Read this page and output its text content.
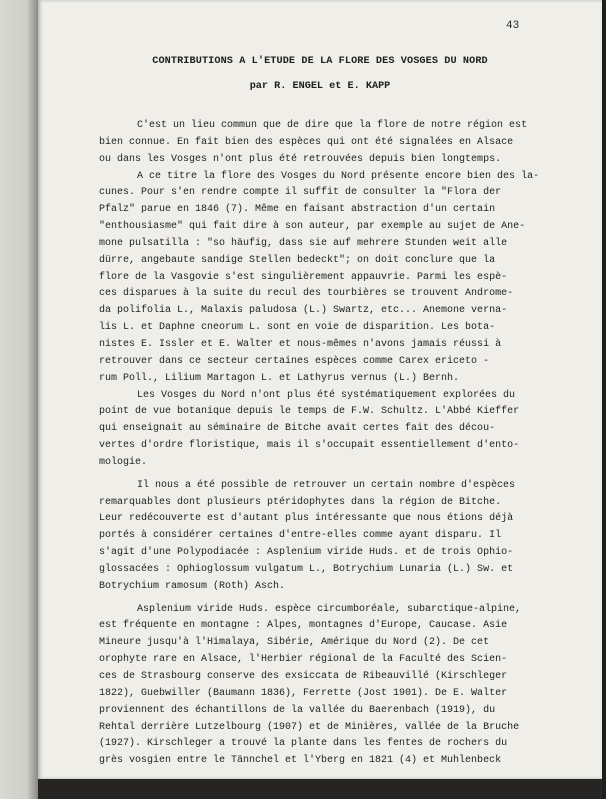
43
CONTRIBUTIONS A L'ETUDE DE LA FLORE DES VOSGES DU NORD
par R. ENGEL et E. KAPP
C'est un lieu commun que de dire que la flore de notre région est
bien connue. En fait bien des espèces qui ont été signalées en Alsace
ou dans les Vosges n'ont plus été retrouvées depuis bien longtemps.
A ce titre la flore des Vosges du Nord présente encore bien des la-
cunes. Pour s'en rendre compte il suffit de consulter la "Flora der
Pfalz" parue en 1846 (7). Même en faisant abstraction d'un certain
"enthousiasme" qui fait dire à son auteur, par exemple au sujet de Ane-
mone pulsatilla : "so häufig, dass sie auf mehrere Stunden weit alle
dürre, angebaute sandige Stellen bedeckt"; on doit conclure que la
flore de la Vasgovie s'est singulièrement appauvrie. Parmi les espè-
ces disparues à la suite du recul des tourbières se trouvent Androme-
da polifolia L., Malaxis paludosa (L.) Swartz, etc... Anemone verna-
lis L. et Daphne cneorum L. sont en voie de disparition. Les bota-
nistes E. Issler et E. Walter et nous-mêmes n'avons jamais réussi à
retrouver dans ce secteur certaines espèces comme Carex ericeto -
rum Poll., Lilium Martagon L. et Lathyrus vernus (L.) Bernh.
Les Vosges du Nord n'ont plus été systématiquement explorées du
point de vue botanique depuis le temps de F.W. Schultz. L'Abbé Kieffer
qui enseignait au séminaire de Bitche avait certes fait des décou-
vertes d'ordre floristique, mais il s'occupait essentiellement d'ento-
mologie.
Il nous a été possible de retrouver un certain nombre d'espèces
remarquables dont plusieurs ptéridophytes dans la région de Bitche.
Leur redécouverte est d'autant plus intéressante que nous étions déjà
portés à considérer certaines d'entre-elles comme ayant disparu. Il
s'agit d'une Polypodiacée : Asplenium viride Huds. et de trois Ophio-
glossacées : Ophioglossum vulgatum L., Botrychium Lunaria (L.) Sw. et
Botrychium ramosum (Roth) Asch.
Asplenium viride Huds. espèce circumboréale, subarctique-alpine,
est fréquente en montagne : Alpes, montagnes d'Europe, Caucase. Asie
Mineure jusqu'à l'Himalaya, Sibérie, Amérique du Nord (2). De cet
orophyte rare en Alsace, l'Herbier régional de la Faculté des Scien-
ces de Strasbourg conserve des exsiccata de Ribeauvillé (Kirschleger
1822), Guebwiller (Baumann 1836), Ferrette (Jost 1901). De E. Walter
proviennent des échantillons de la vallée du Baerenbach (1919), du
Rehtal derrière Lutzelbourg (1907) et de Minières, vallée de la Bruche
(1927). Kirschleger a trouvé la plante dans les fentes de rochers du
grès vosgien entre le Tännchel et l'Yberg en 1821 (4) et Muhlenbeck
